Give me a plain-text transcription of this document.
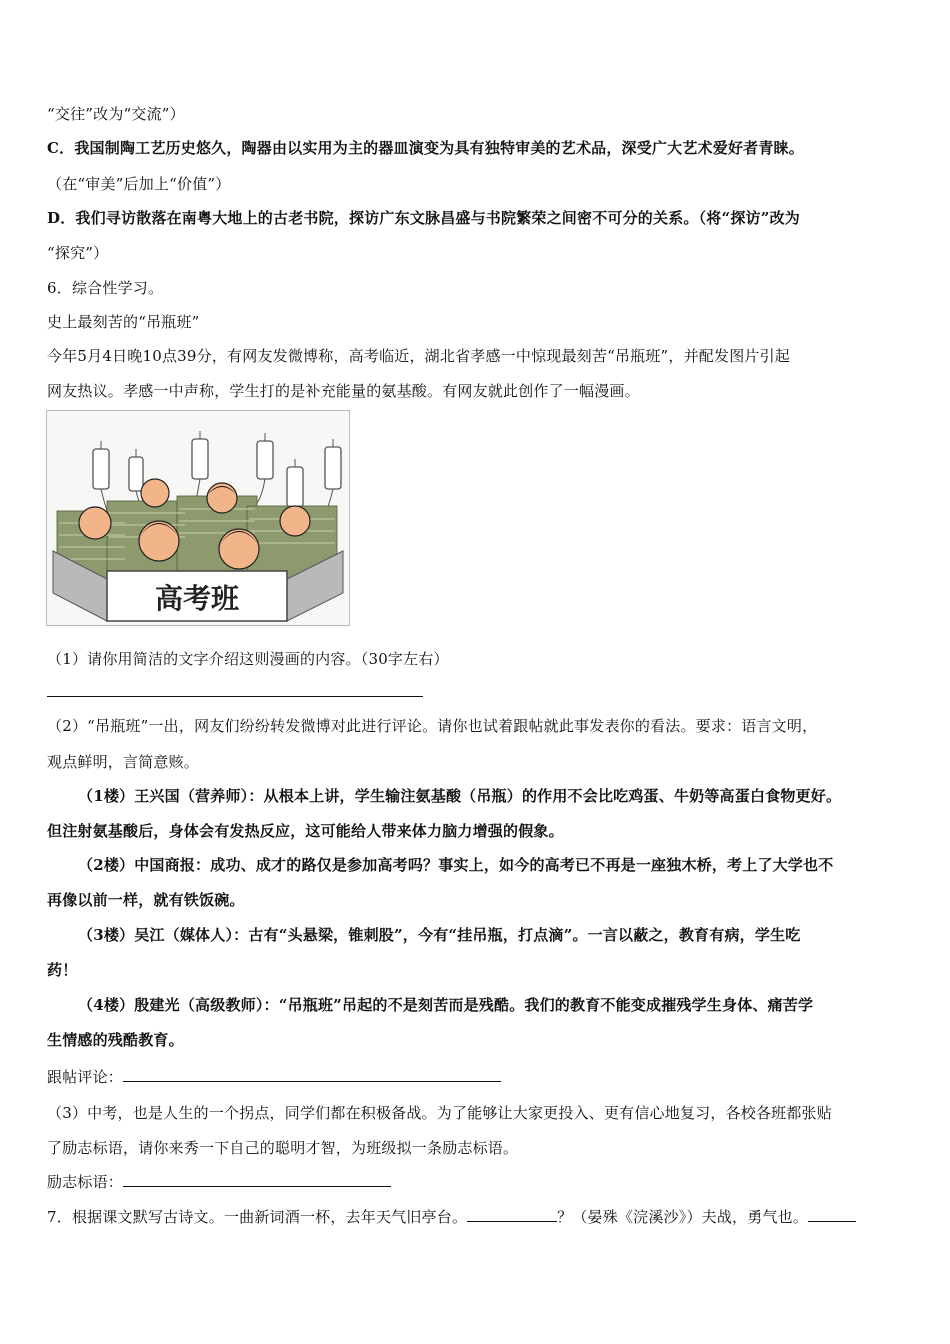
“交往”改为“交流”）
C．我国制陶工艺历史悠久，陶器由以实用为主的器皿演变为具有独特审美的艺术品，深受广大艺术爱好者青睐。
（在“审美”后加上“价值”）
D．我们寻访散落在南粤大地上的古老书院，探访广东文脉昌盛与书院繁荣之间密不可分的关系。（将“探访”改为
“探究”）
6．综合性学习。
史上最刻苦的“吊瓶班”
今年5月4日晚10点39分，有网友发微博称，高考临近，湖北省孝感一中惊现最刻苦“吊瓶班”，并配发图片引起
网友热议。孝感一中声称，学生打的是补充能量的氨基酸。有网友就此创作了一幅漫画。
高考班
（1）请你用简洁的文字介绍这则漫画的内容。（30字左右）
（2）“吊瓶班”一出，网友们纷纷转发微博对此进行评论。请你也试着跟帖就此事发表你的看法。要求：语言文明，
观点鲜明，言简意赅。
（1楼）王兴国（营养师）：从根本上讲，学生输注氨基酸（吊瓶）的作用不会比吃鸡蛋、牛奶等高蛋白食物更好。
但注射氨基酸后，身体会有发热反应，这可能给人带来体力脑力增强的假象。
（2楼）中国商报：成功、成才的路仅是参加高考吗？事实上，如今的高考已不再是一座独木桥，考上了大学也不
再像以前一样，就有铁饭碗。
（3楼）吴江（媒体人）：古有“头悬梁，锥刺股”，今有“挂吊瓶，打点滴”。一言以蔽之，教育有病，学生吃
药！
（4楼）殷建光（高级教师）：“吊瓶班”吊起的不是刻苦而是残酷。我们的教育不能变成摧残学生身体、痛苦学
生情感的残酷教育。
跟帖评论：
（3）中考，也是人生的一个拐点，同学们都在积极备战。为了能够让大家更投入、更有信心地复习，各校各班都张贴
了励志标语，请你来秀一下自己的聪明才智，为班级拟一条励志标语。
励志标语：
7．根据课文默写古诗文。一曲新词酒一杯，去年天气旧亭台。	？（晏殊《浣溪沙》）夫战，勇气也。
